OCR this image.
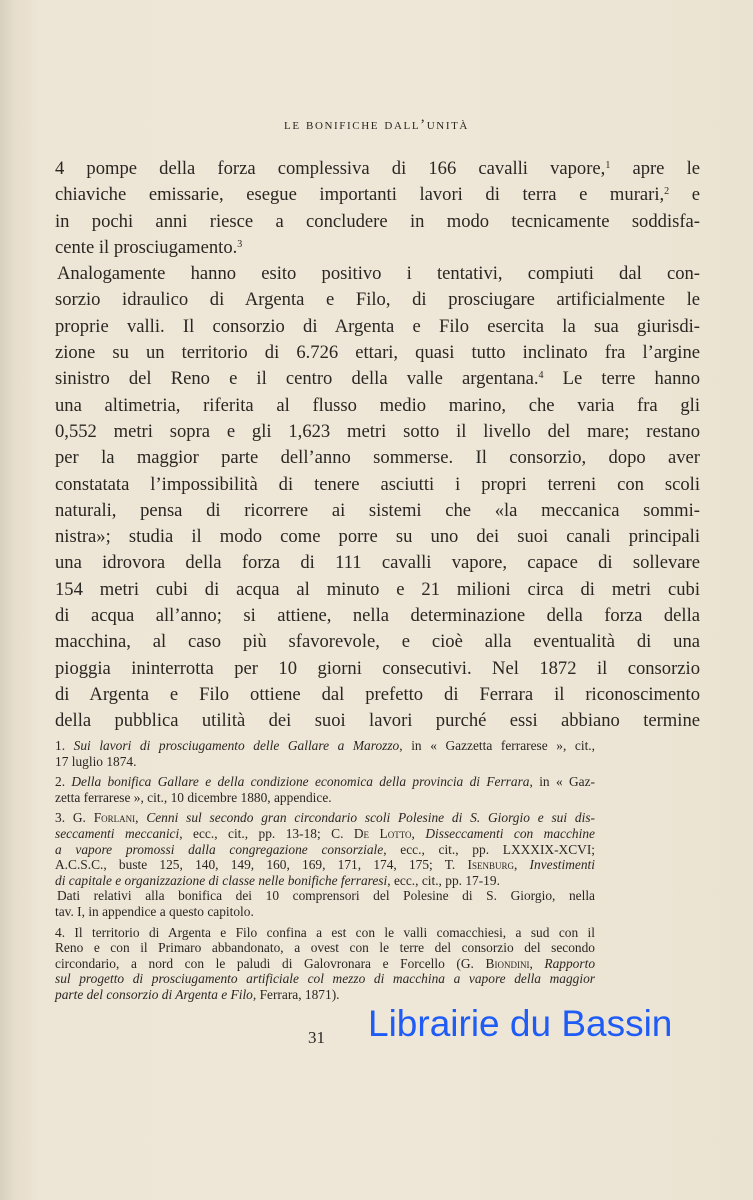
le bonifiche dall’unità
4 pompe della forza complessiva di 166 cavalli vapore,$^1$ apre le
chiaviche emissarie, esegue importanti lavori di terra e murari,$^2$ e
in pochi anni riesce a concludere in modo tecnicamente soddisfa-
cente il prosciugamento.$^3$
Analogamente hanno esito positivo i tentativi, compiuti dal con-
sorzio idraulico di Argenta e Filo, di prosciugare artificialmente le
proprie valli. Il consorzio di Argenta e Filo esercita la sua giurisdi-
zione su un territorio di 6.726 ettari, quasi tutto inclinato fra l’argine
sinistro del Reno e il centro della valle argentana.$^4$ Le terre hanno
una altimetria, riferita al flusso medio marino, che varia fra gli
0,552 metri sopra e gli 1,623 metri sotto il livello del mare; restano
per la maggior parte dell’anno sommerse. Il consorzio, dopo aver
constatata l’impossibilità di tenere asciutti i propri terreni con scoli
naturali, pensa di ricorrere ai sistemi che «la meccanica sommi-
nistra»; studia il modo come porre su uno dei suoi canali principali
una idrovora della forza di 111 cavalli vapore, capace di sollevare
154 metri cubi di acqua al minuto e 21 milioni circa di metri cubi
di acqua all’anno; si attiene, nella determinazione della forza della
macchina, al caso più sfavorevole, e cioè alla eventualità di una
pioggia ininterrotta per 10 giorni consecutivi. Nel 1872 il consorzio
di Argenta e Filo ottiene dal prefetto di Ferrara il riconoscimento
della pubblica utilità dei suoi lavori purché essi abbiano termine
1. Sui lavori di prosciugamento delle Gallare a Marozzo, in « Gazzetta ferrarese », cit.,
17 luglio 1874.
2. Della bonifica Gallare e della condizione economica della provincia di Ferrara, in « Gaz-
zetta ferrarese », cit., 10 dicembre 1880, appendice.
3. G. Forlani, Cenni sul secondo gran circondario scoli Polesine di S. Giorgio e sui dis-
seccamenti meccanici, ecc., cit., pp. 13-18; C. De Lotto, Disseccamenti con macchine
a vapore promossi dalla congregazione consorziale, ecc., cit., pp. LXXXIX-XCVI;
A.C.S.C., buste 125, 140, 149, 160, 169, 171, 174, 175; T. Isenburg, Investimenti
di capitale e organizzazione di classe nelle bonifiche ferraresi, ecc., cit., pp. 17-19.
Dati relativi alla bonifica dei 10 comprensori del Polesine di S. Giorgio, nella
tav. I, in appendice a questo capitolo.
4. Il territorio di Argenta e Filo confina a est con le valli comacchiesi, a sud con il
Reno e con il Primaro abbandonato, a ovest con le terre del consorzio del secondo
circondario, a nord con le paludi di Galovronara e Forcello (G. Biondini, Rapporto
sul progetto di prosciugamento artificiale col mezzo di macchina a vapore della maggior
parte del consorzio di Argenta e Filo, Ferrara, 1871).
31 Librairie du Bassin
